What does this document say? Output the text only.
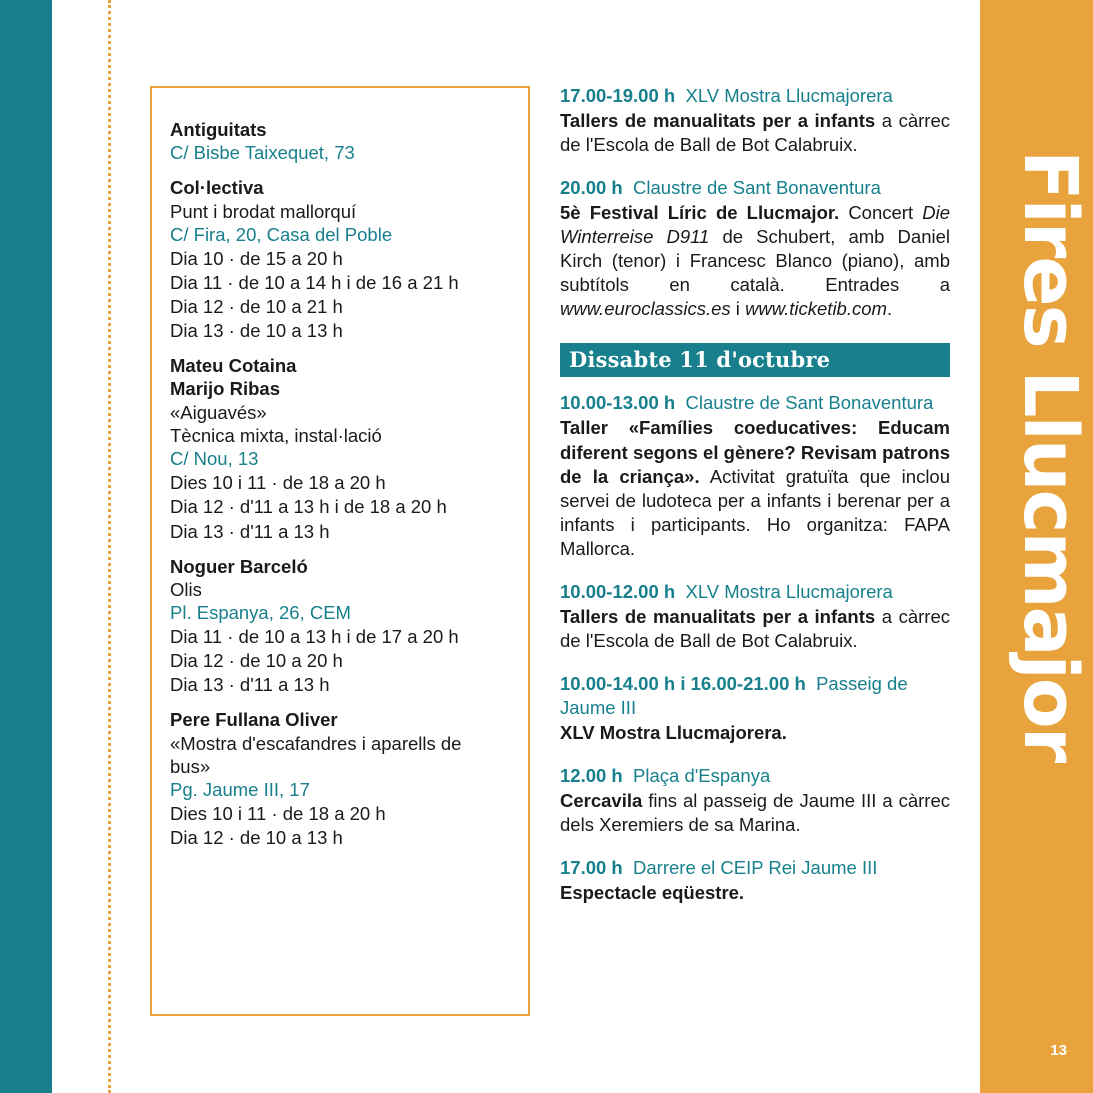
Fires Llucmajor
13

Antiguitats

C/ Bisbe Taixequet, 73

Col·lectiva

Punt i brodat mallorquí

C/ Fira, 20, Casa del Poble

Dia 10 · de 15 a 20 h

Dia 11 · de 10 a 14 h i de 16 a 21 h

Dia 12 · de 10 a 21 h

Dia 13 · de 10 a 13 h

Mateu Cotaina

Marijo Ribas

«Aiguavés»

Tècnica mixta, instal·lació

C/ Nou, 13

Dies 10 i 11 · de 18 a 20 h

Dia 12 · d'11 a 13 h i de 18 a 20 h

Dia 13 · d'11 a 13 h

Noguer Barceló

Olis

Pl. Espanya, 26, CEM

Dia 11 · de 10 a 13 h i de 17 a 20 h

Dia 12 · de 10 a 20 h

Dia 13 · d'11 a 13 h

Pere Fullana Oliver

«Mostra d'escafandres i aparells de bus»

Pg. Jaume III, 17

Dies 10 i 11 · de 18 a 20 h

Dia 12 · de 10 a 13 h

17.00-19.00 h XLV Mostra Llucmajorera

Tallers de manualitats per a infants a càrrec de l'Escola de Ball de Bot Calabruix.

20.00 h Claustre de Sant Bonaventura

5è Festival Líric de Llucmajor. Concert Die Winterreise D911 de Schubert, amb Daniel Kirch (tenor) i Francesc Blanco (piano), amb subtítols en català. Entrades a www.euroclassics.es i www.ticketib.com.

Dissabte 11 d'octubre

10.00-13.00 h Claustre de Sant Bonaventura

Taller «Famílies coeducatives: Educam diferent segons el gènere? Revisam patrons de la criança». Activitat gratuïta que inclou servei de ludoteca per a infants i berenar per a infants i participants. Ho organitza: FAPA Mallorca.

10.00-12.00 h XLV Mostra Llucmajorera

Tallers de manualitats per a infants a càrrec de l'Escola de Ball de Bot Calabruix.

10.00-14.00 h i 16.00-21.00 h Passeig de Jaume III

XLV Mostra Llucmajorera.

12.00 h Plaça d'Espanya

Cercavila fins al passeig de Jaume III a càrrec dels Xeremiers de sa Marina.

17.00 h Darrere el CEIP Rei Jaume III

Espectacle eqüestre.
